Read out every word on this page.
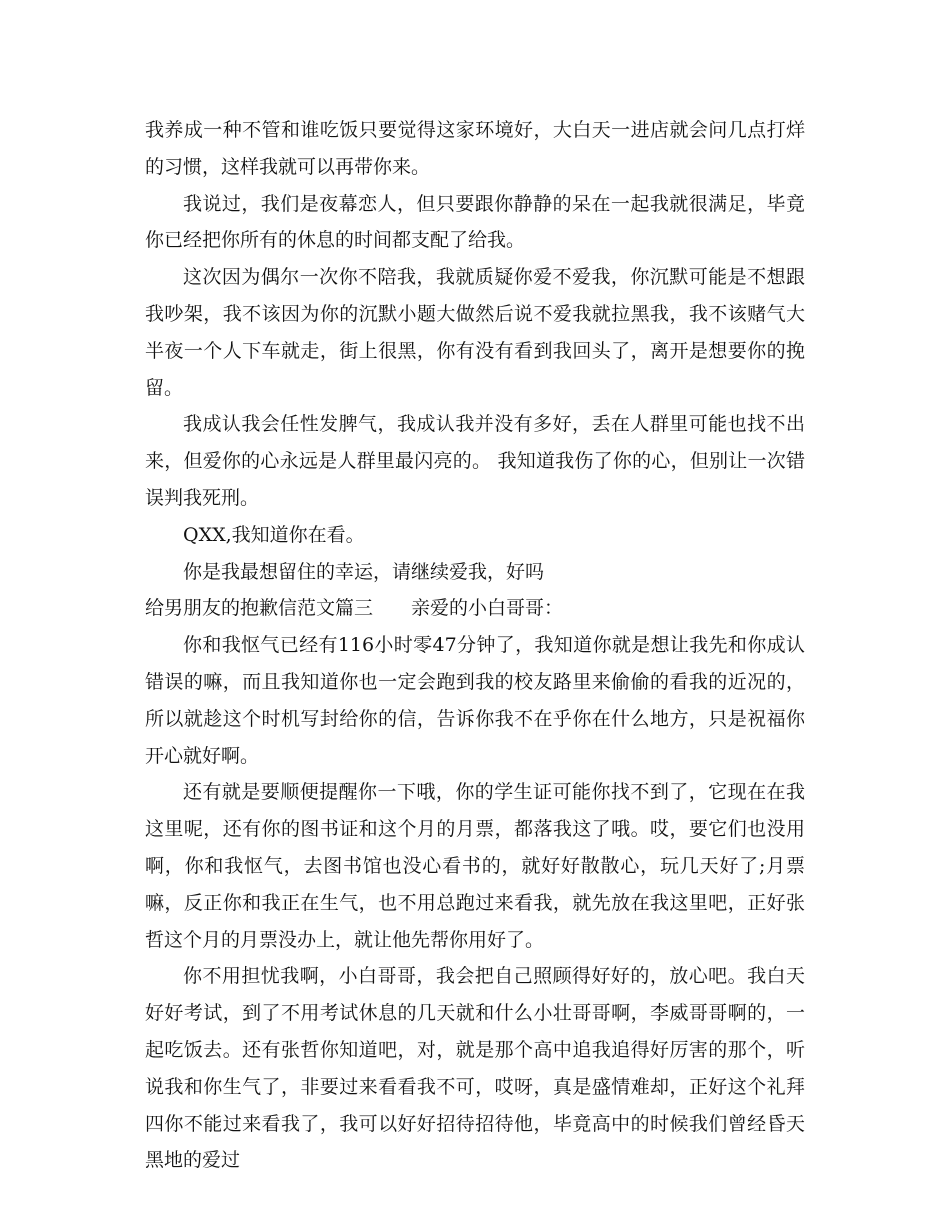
我养成一种不管和谁吃饭只要觉得这家环境好，大白天一进店就会问几点打烊的习惯，这样我就可以再带你来。

我说过，我们是夜幕恋人，但只要跟你静静的呆在一起我就很满足，毕竟你已经把你所有的休息的时间都支配了给我。

这次因为偶尔一次你不陪我，我就质疑你爱不爱我，你沉默可能是不想跟我吵架，我不该因为你的沉默小题大做然后说不爱我就拉黑我，我不该赌气大半夜一个人下车就走，街上很黑，你有没有看到我回头了，离开是想要你的挽留。

我成认我会任性发脾气，我成认我并没有多好，丢在人群里可能也找不出来，但爱你的心永远是人群里最闪亮的。 我知道我伤了你的心，但别让一次错误判我死刑。

QXX,我知道你在看。

你是我最想留住的幸运，请继续爱我，好吗

给男朋友的抱歉信范文篇三 亲爱的小白哥哥：

你和我怄气已经有116小时零47分钟了，我知道你就是想让我先和你成认错误的嘛，而且我知道你也一定会跑到我的校友路里来偷偷的看我的近况的，所以就趁这个时机写封给你的信，告诉你我不在乎你在什么地方，只是祝福你开心就好啊。

还有就是要顺便提醒你一下哦，你的学生证可能你找不到了，它现在在我这里呢，还有你的图书证和这个月的月票，都落我这了哦。哎，要它们也没用啊，你和我怄气，去图书馆也没心看书的，就好好散散心，玩几天好了;月票嘛，反正你和我正在生气，也不用总跑过来看我，就先放在我这里吧，正好张哲这个月的月票没办上，就让他先帮你用好了。

你不用担忧我啊，小白哥哥，我会把自己照顾得好好的，放心吧。我白天好好考试，到了不用考试休息的几天就和什么小壮哥哥啊，李威哥哥啊的，一起吃饭去。还有张哲你知道吧，对，就是那个高中追我追得好厉害的那个，听说我和你生气了，非要过来看看我不可，哎呀，真是盛情难却，正好这个礼拜四你不能过来看我了，我可以好好招待招待他，毕竟高中的时候我们曾经昏天黑地的爱过
